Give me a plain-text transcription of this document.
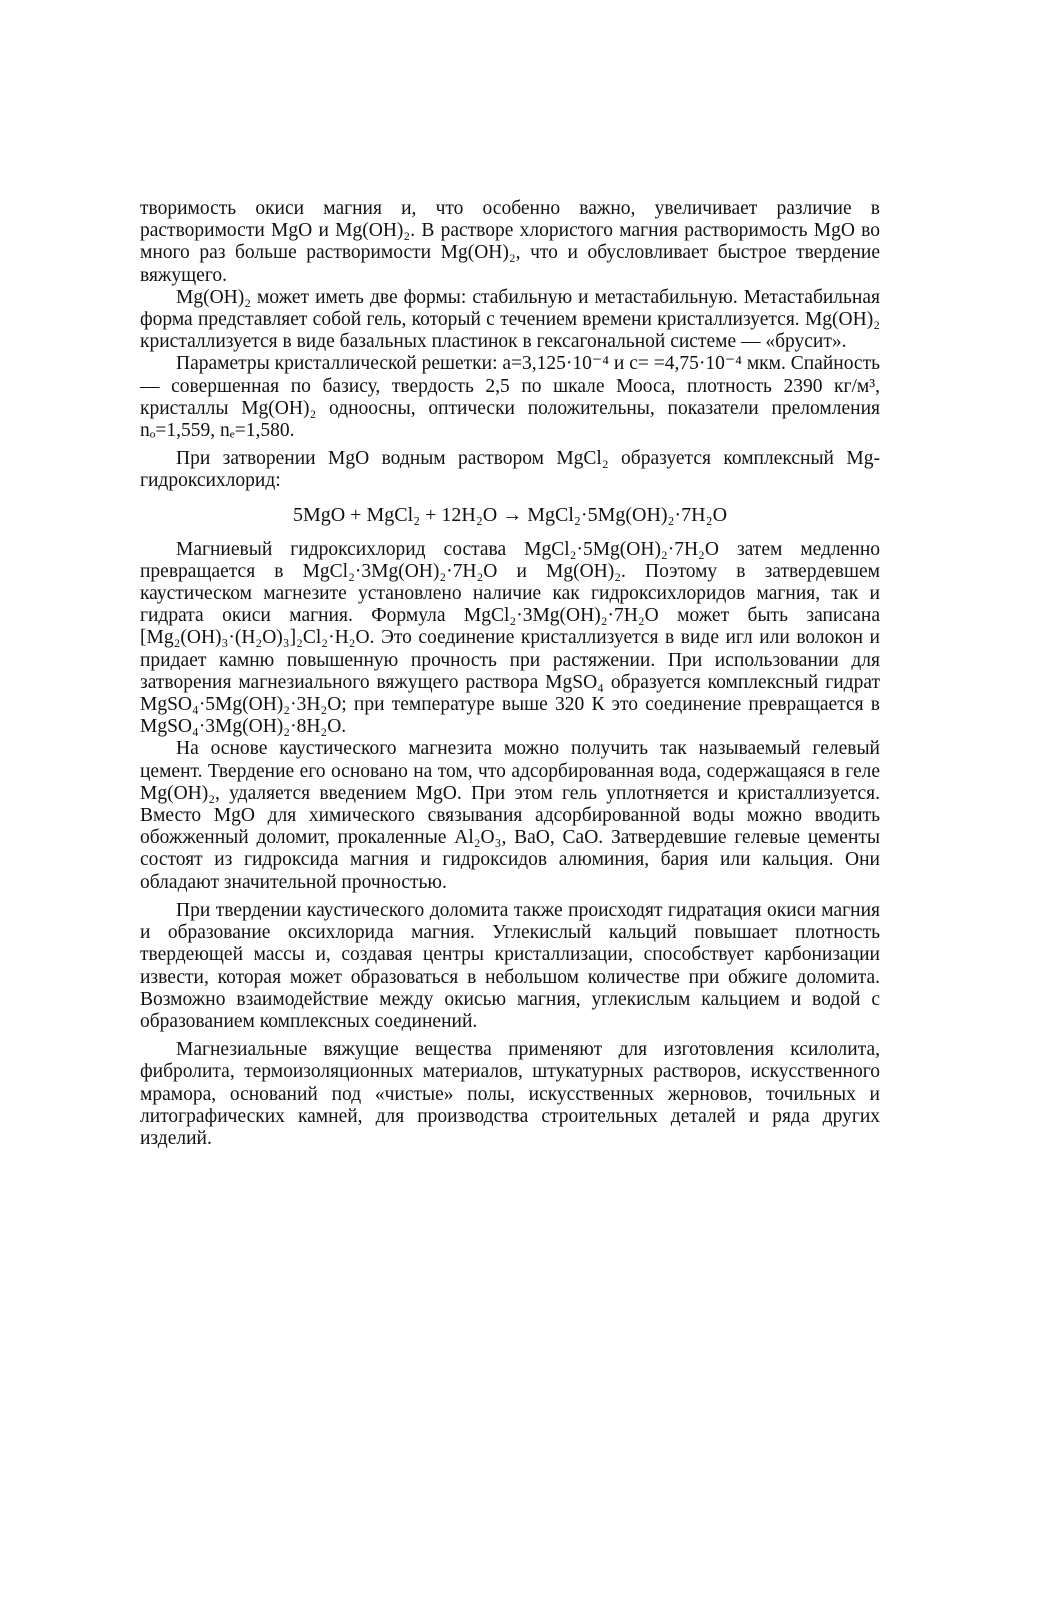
творимость окиси магния и, что особенно важно, увеличивает различие в растворимости MgO и Mg(OH)₂. В растворе хлористого магния растворимость MgO во много раз больше растворимости Mg(OH)₂, что и обусловливает быстрое твердение вяжущего.

Mg(OH)₂ может иметь две формы: стабильную и метастабильную. Метастабильная форма представляет собой гель, который с течением времени кристаллизуется. Mg(OH)₂ кристаллизуется в виде базальных пластинок в гексагональной системе — «брусит».

Параметры кристаллической решетки: a=3,125·10⁻⁴ и c= =4,75·10⁻⁴ мкм. Спайность — совершенная по базису, твердость 2,5 по шкале Мооса, плотность 2390 кг/м³, кристаллы Mg(OH)₂ одноосны, оптически положительны, показатели преломления nₒ=1,559, nₑ=1,580.

При затворении MgO водным раствором MgCl₂ образуется комплексный Mg-гидроксихлорид:

5MgO + MgCl₂ + 12H₂O → MgCl₂·5Mg(OH)₂·7H₂O

Магниевый гидроксихлорид состава MgCl₂·5Mg(OH)₂·7H₂O затем медленно превращается в MgCl₂·3Mg(OH)₂·7H₂O и Mg(OH)₂. Поэтому в затвердевшем каустическом магнезите установлено наличие как гидроксихлоридов магния, так и гидрата окиси магния. Формула MgCl₂·3Mg(OH)₂·7H₂O может быть записана [Mg₂(OH)₃·(H₂O)₃]₂Cl₂·H₂O. Это соединение кристаллизуется в виде игл или волокон и придает камню повышенную прочность при растяжении. При использовании для затворения магнезиального вяжущего раствора MgSO₄ образуется комплексный гидрат MgSO₄·5Mg(OH)₂·3H₂O; при температуре выше 320 К это соединение превращается в MgSO₄·3Mg(OH)₂·8H₂O.

На основе каустического магнезита можно получить так называемый гелевый цемент. Твердение его основано на том, что адсорбированная вода, содержащаяся в геле Mg(OH)₂, удаляется введением MgO. При этом гель уплотняется и кристаллизуется. Вместо MgO для химического связывания адсорбированной воды можно вводить обожженный доломит, прокаленные Al₂O₃, BaO, CaO. Затвердевшие гелевые цементы состоят из гидроксида магния и гидроксидов алюминия, бария или кальция. Они обладают значительной прочностью.

При твердении каустического доломита также происходят гидратация окиси магния и образование оксихлорида магния. Углекислый кальций повышает плотность твердеющей массы и, создавая центры кристаллизации, способствует карбонизации извести, которая может образоваться в небольшом количестве при обжиге доломита. Возможно взаимодействие между окисью магния, углекислым кальцием и водой с образованием комплексных соединений.

Магнезиальные вяжущие вещества применяют для изготовления ксилолита, фибролита, термоизоляционных материалов, штукатурных растворов, искусственного мрамора, оснований под «чистые» полы, искусственных жерновов, точильных и литографических камней, для производства строительных деталей и ряда других изделий.
